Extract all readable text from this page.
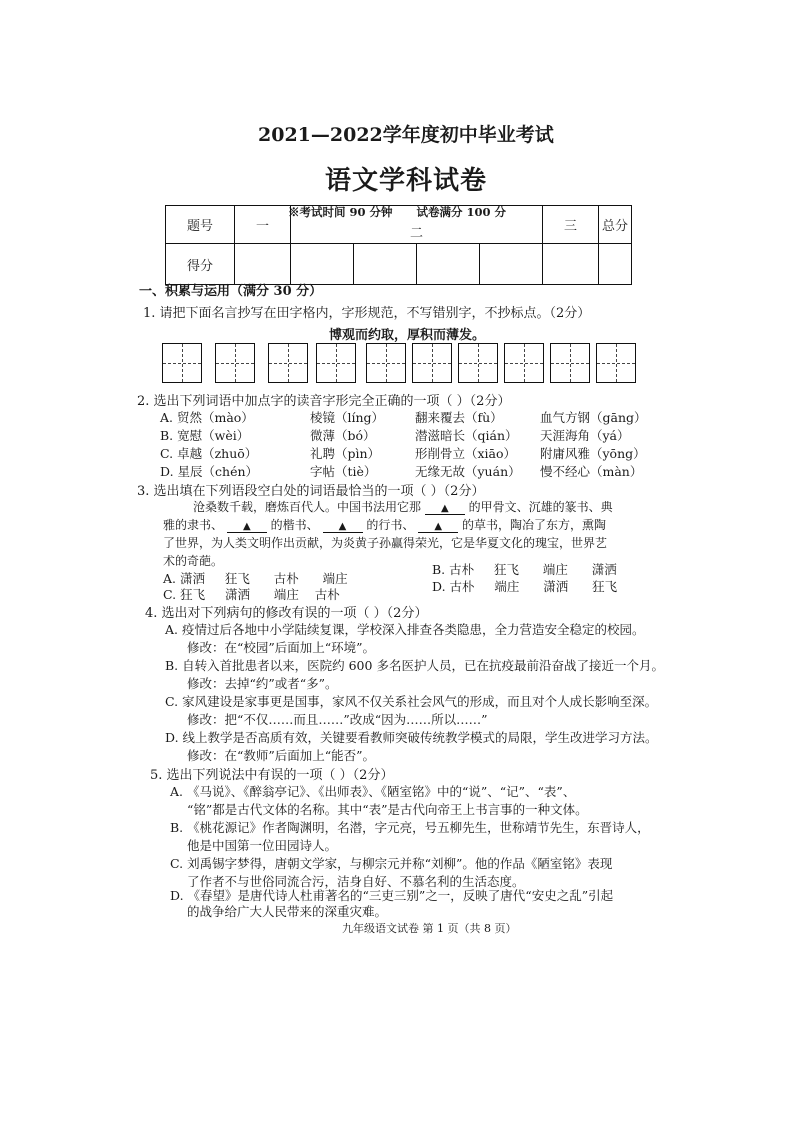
2021—2022学年度初中毕业考试
语文学科试卷
※考试时间 90 分钟      试卷满分 100 分
题号	一	二				三	总分
得分							
一、积累与运用（满分 30 分）
1. 请把下面名言抄写在田字格内，字形规范，不写错别字，不抄标点。（2分）
博观而约取，厚积而薄发。
2. 选出下列词语中加点字的读音字形完全正确的一项（ ）（2分）
A. 贸然（mào）	棱镜（líng） 翻来覆去（fù）	血气方钢（gāng）
B. 宽慰（wèi）	微薄（bó）	潜滋暗长（qián） 天涯海角（yá）
C. 卓越（zhuō）	礼聘（pìn）	形削骨立（xiāo） 附庸风雅（yōng）
D. 星辰（chén）	字帖（tiè）	无缘无故（yuán） 慢不经心（màn）
3. 选出填在下列语段空白处的词语最恰当的一项（ ）（2分）
沧桑数千载，磨炼百代人。中国书法用它那 ▲ 的甲骨文、沉雄的篆书、典
雅的隶书、 ▲ 的楷书、 ▲ 的行书、 ▲ 的草书，陶冶了东方，熏陶
了世界，为人类文明作出贡献，为炎黄子孙赢得荣光，它是华夏文化的瑰宝，世界艺
术的奇葩。
A. 潇洒 狂飞 古朴 端庄
B. 古朴 狂飞 端庄 潇洒
C. 狂飞 潇洒 端庄 古朴
D. 古朴 端庄 潇洒 狂飞
4. 选出对下列病句的修改有误的一项（ ）（2分）
A. 疫情过后各地中小学陆续复课，学校深入排查各类隐患，全力营造安全稳定的校园。
修改：在“校园”后面加上“环境”。
B. 自转入首批患者以来，医院约 600 多名医护人员，已在抗疫最前沿奋战了接近一个月。
修改：去掉“约”或者“多”。
C. 家风建设是家事更是国事，家风不仅关系社会风气的形成，而且对个人成长影响至深。
修改：把“不仅……而且……”改成“因为……所以……”
D. 线上教学是否高质有效，关键要看教师突破传统教学模式的局限，学生改进学习方法。
修改：在“教师”后面加上“能否”。
5. 选出下列说法中有误的一项（ ）（2分）
A. 《马说》、《醉翁亭记》、《出师表》、《陋室铭》中的“说”、“记”、“表”、
“铭”都是古代文体的名称。其中“表”是古代向帝王上书言事的一种文体。
B. 《桃花源记》作者陶渊明，名潜，字元亮，号五柳先生，世称靖节先生，东晋诗人，
他是中国第一位田园诗人。
C. 刘禹锡字梦得，唐朝文学家，与柳宗元并称“刘柳”。他的作品《陋室铭》表现
了作者不与世俗同流合污，洁身自好、不慕名利的生活态度。
D. 《春望》是唐代诗人杜甫著名的“三吏三别”之一，反映了唐代“安史之乱”引起
的战争给广大人民带来的深重灾难。
九年级语文试卷 第 1 页（共 8 页）
